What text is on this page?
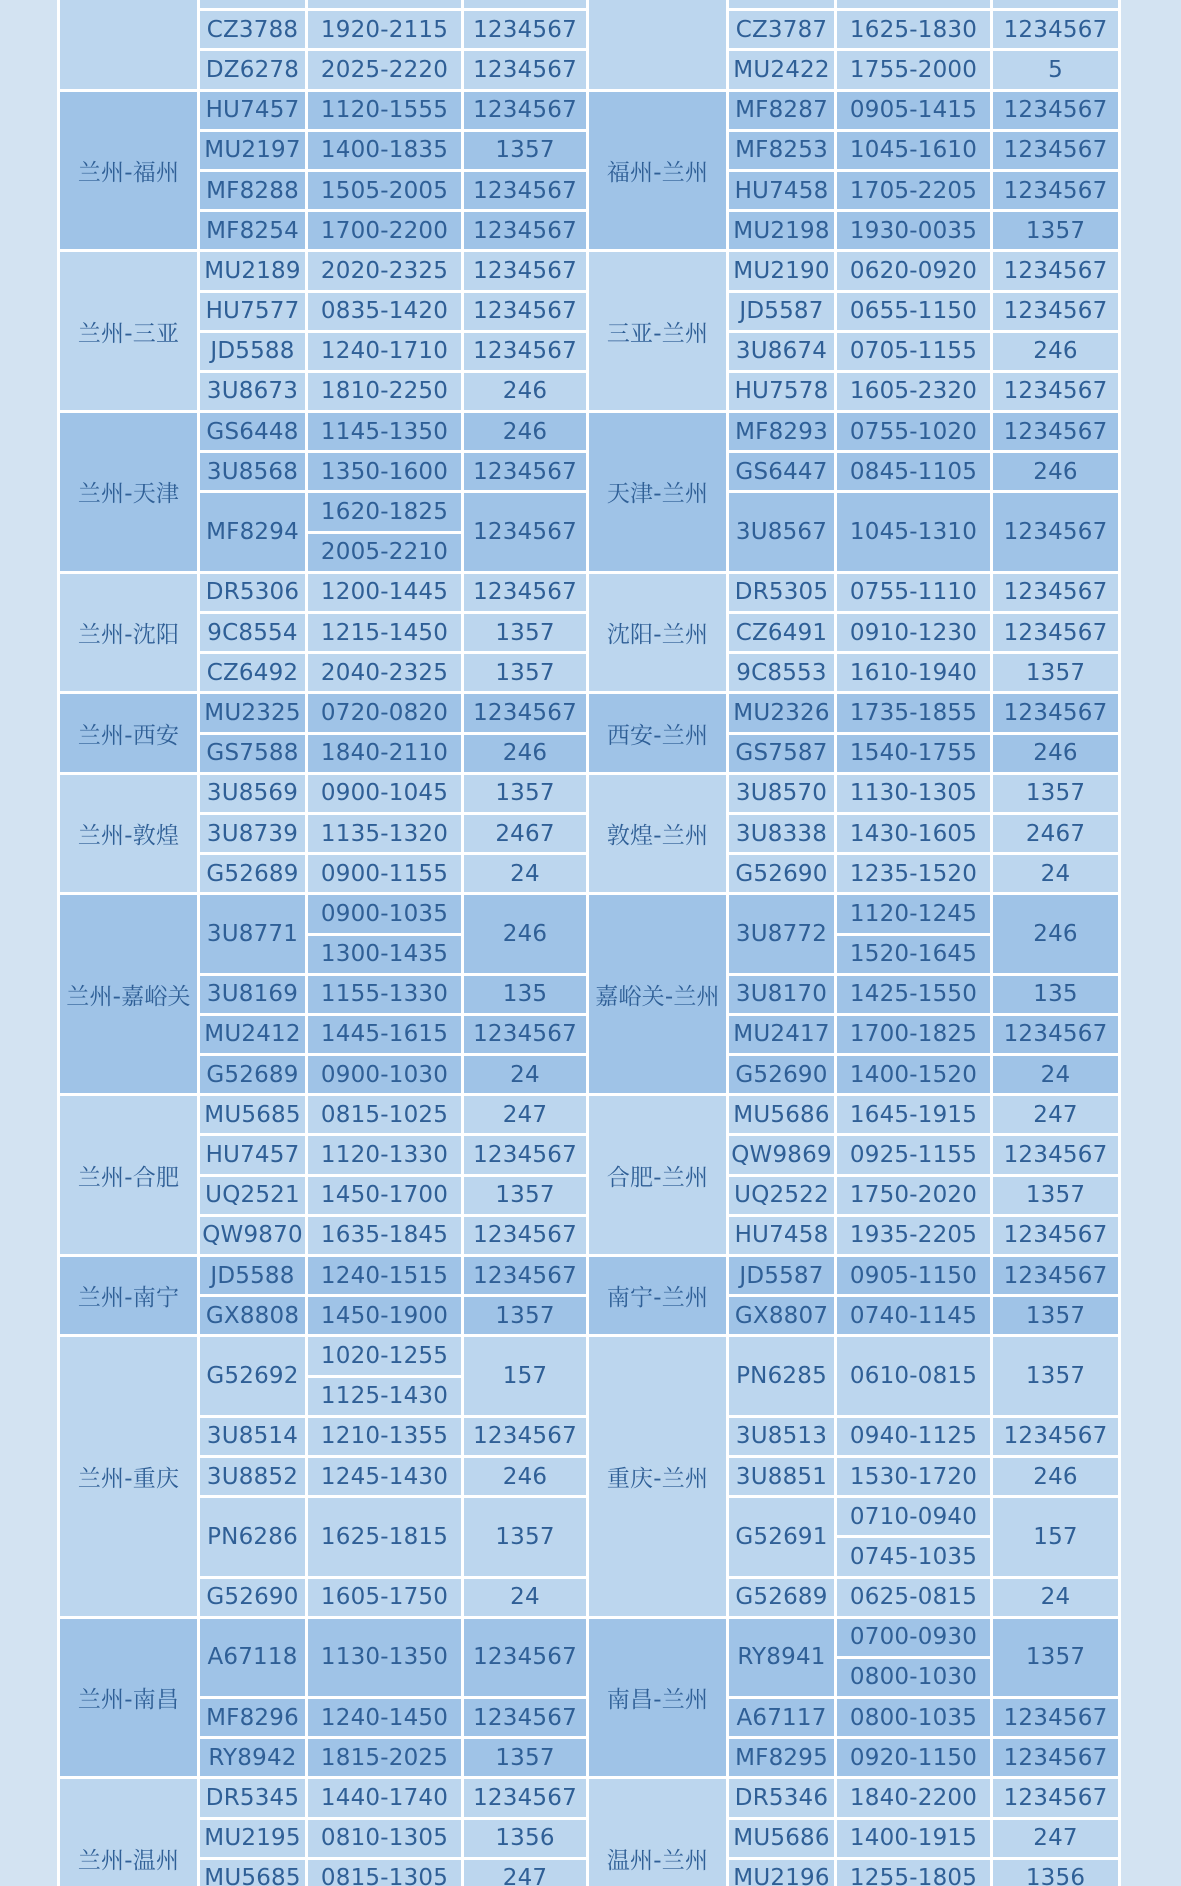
	CZ3788	1920-2115	1234567		CZ3787	1625-1830	1234567
	DZ6278	2025-2220	1234567		MU2422	1755-2000	5
兰州-福州	HU7457	1120-1555	1234567	福州-兰州	MF8287	0905-1415	1234567
	MU2197	1400-1835	1357		MF8253	1045-1610	1234567
	MF8288	1505-2005	1234567		HU7458	1705-2205	1234567
	MF8254	1700-2200	1234567		MU2198	1930-0035	1357
兰州-三亚	MU2189	2020-2325	1234567	三亚-兰州	MU2190	0620-0920	1234567
	HU7577	0835-1420	1234567		JD5587	0655-1150	1234567
	JD5588	1240-1710	1234567		3U8674	0705-1155	246
	3U8673	1810-2250	246		HU7578	1605-2320	1234567
兰州-天津	GS6448	1145-1350	246	天津-兰州	MF8293	0755-1020	1234567
	3U8568	1350-1600	1234567		GS6447	0845-1105	246
	MF8294	1620-1825	1234567		3U8567	1045-1310	1234567
		2005-2210					
兰州-沈阳	DR5306	1200-1445	1234567	沈阳-兰州	DR5305	0755-1110	1234567
	9C8554	1215-1450	1357		CZ6491	0910-1230	1234567
	CZ6492	2040-2325	1357		9C8553	1610-1940	1357
兰州-西安	MU2325	0720-0820	1234567	西安-兰州	MU2326	1735-1855	1234567
	GS7588	1840-2110	246		GS7587	1540-1755	246
兰州-敦煌	3U8569	0900-1045	1357	敦煌-兰州	3U8570	1130-1305	1357
	3U8739	1135-1320	2467		3U8338	1430-1605	2467
	G52689	0900-1155	24		G52690	1235-1520	24
兰州-嘉峪关	3U8771	0900-1035	246	嘉峪关-兰州	3U8772	1120-1245	246
		1300-1435				1520-1645	
	3U8169	1155-1330	135		3U8170	1425-1550	135
	MU2412	1445-1615	1234567		MU2417	1700-1825	1234567
	G52689	0900-1030	24		G52690	1400-1520	24
兰州-合肥	MU5685	0815-1025	247	合肥-兰州	MU5686	1645-1915	247
	HU7457	1120-1330	1234567		QW9869	0925-1155	1234567
	UQ2521	1450-1700	1357		UQ2522	1750-2020	1357
	QW9870	1635-1845	1234567		HU7458	1935-2205	1234567
兰州-南宁	JD5588	1240-1515	1234567	南宁-兰州	JD5587	0905-1150	1234567
	GX8808	1450-1900	1357		GX8807	0740-1145	1357
兰州-重庆	G52692	1020-1255	157	重庆-兰州	PN6285	0610-0815	1357
		1125-1430					
	3U8514	1210-1355	1234567		3U8513	0940-1125	1234567
	3U8852	1245-1430	246		3U8851	1530-1720	246
	PN6286	1625-1815	1357		G52691	0710-0940	157
						0745-1035	
	G52690	1605-1750	24		G52689	0625-0815	24
兰州-南昌	A67118	1130-1350	1234567	南昌-兰州	RY8941	0700-0930	1357
						0800-1030	
	MF8296	1240-1450	1234567		A67117	0800-1035	1234567
	RY8942	1815-2025	1357		MF8295	0920-1150	1234567
兰州-温州	DR5345	1440-1740	1234567	温州-兰州	DR5346	1840-2200	1234567
	MU2195	0810-1305	1356		MU5686	1400-1915	247
	MU5685	0815-1305	247		MU2196	1255-1805	1356
